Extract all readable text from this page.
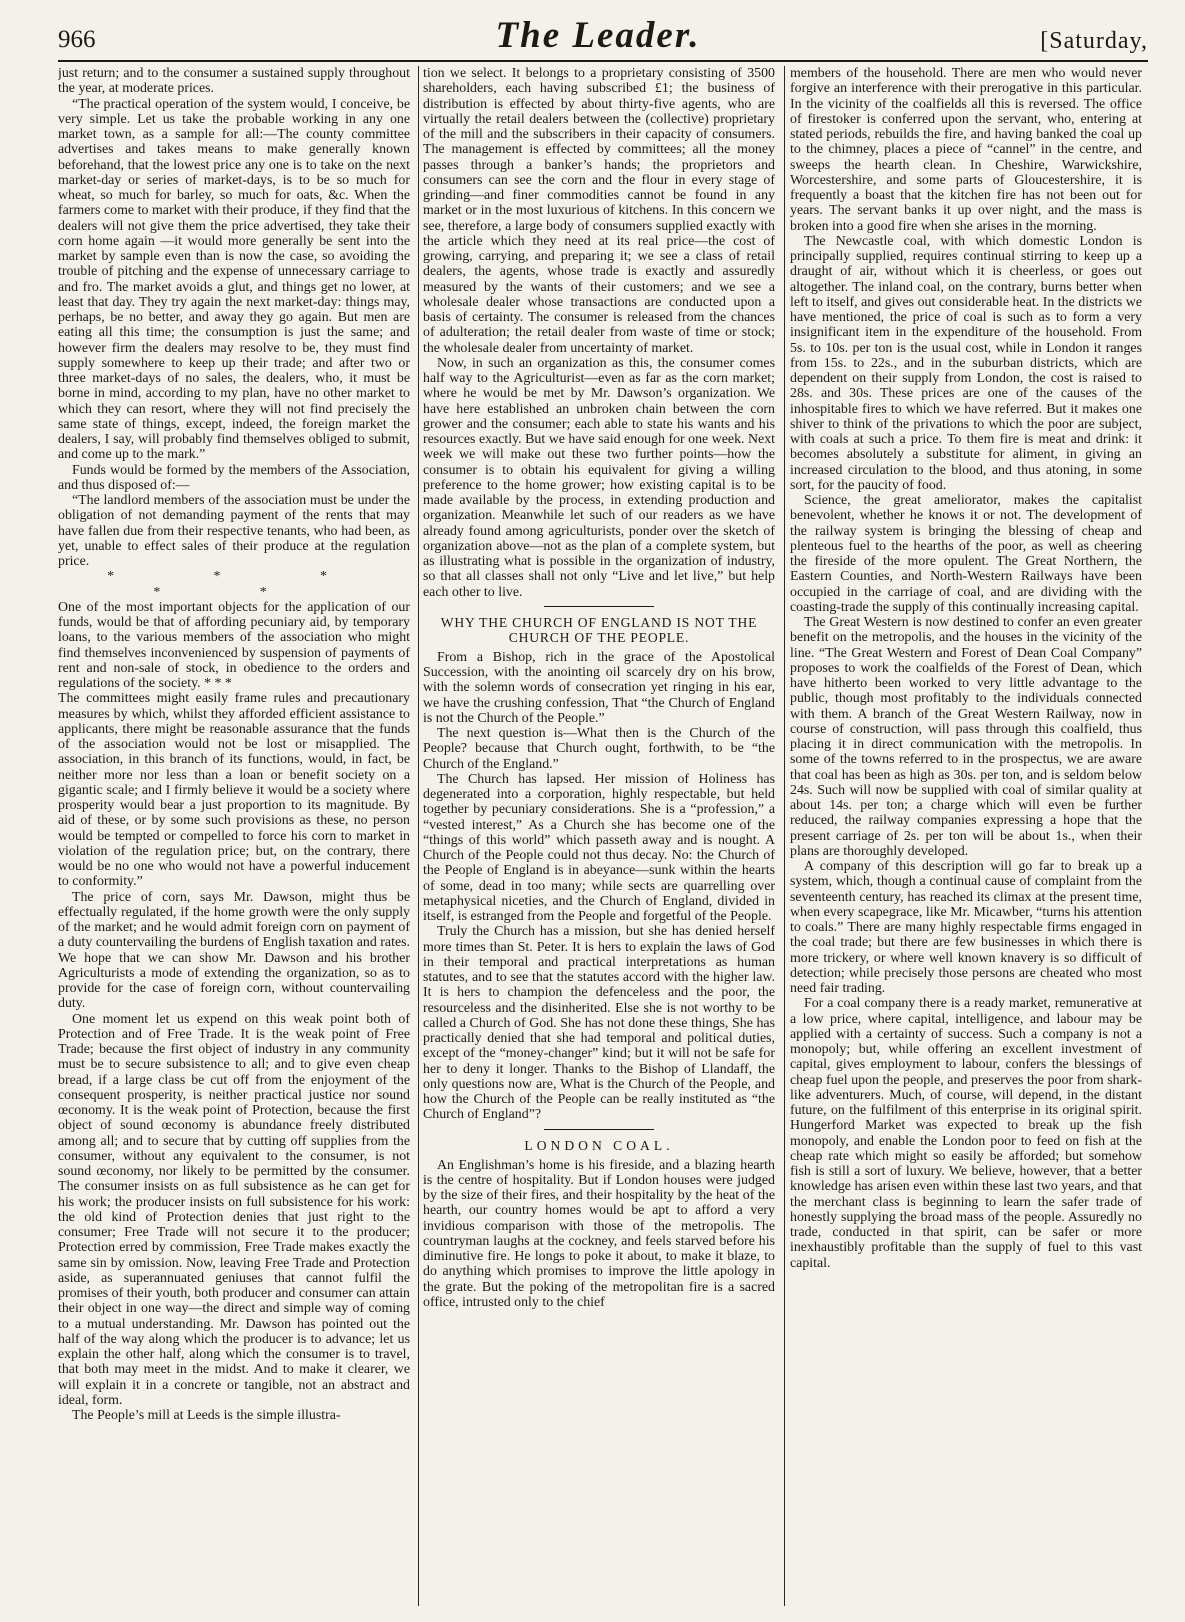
966	The Leader.	[Saturday,

just return; and to the consumer a sustained supply throughout the year, at moderate prices.

“The practical operation of the system would, I conceive, be very simple. Let us take the probable working in any one market town, as a sample for all:—The county committee advertises and takes means to make generally known beforehand, that the lowest price any one is to take on the next market-day or series of market-days, is to be so much for wheat, so much for barley, so much for oats, &c. When the farmers come to market with their produce, if they find that the dealers will not give them the price advertised, they take their corn home again —it would more generally be sent into the market by sample even than is now the case, so avoiding the trouble of pitching and the expense of unnecessary carriage to and fro. The market avoids a glut, and things get no lower, at least that day. They try again the next market-day: things may, perhaps, be no better, and away they go again. But men are eating all this time; the consumption is just the same; and however firm the dealers may resolve to be, they must find supply somewhere to keep up their trade; and after two or three market-days of no sales, the dealers, who, it must be borne in mind, according to my plan, have no other market to which they can resort, where they will not find precisely the same state of things, except, indeed, the foreign market the dealers, I say, will probably find themselves obliged to submit, and come up to the mark.”

Funds would be formed by the members of the Association, and thus disposed of:—

“The landlord members of the association must be under the obligation of not demanding payment of the rents that may have fallen due from their respective tenants, who had been, as yet, unable to effect sales of their produce at the regulation price.

* * * * *

One of the most important objects for the application of our funds, would be that of affording pecuniary aid, by temporary loans, to the various members of the association who might find themselves inconvenienced by suspension of payments of rent and non-sale of stock, in obedience to the orders and regulations of the society. * * *

The committees might easily frame rules and precautionary measures by which, whilst they afforded efficient assistance to applicants, there might be reasonable assurance that the funds of the association would not be lost or misapplied. The association, in this branch of its functions, would, in fact, be neither more nor less than a loan or benefit society on a gigantic scale; and I firmly believe it would be a society where prosperity would bear a just proportion to its magnitude. By aid of these, or by some such provisions as these, no person would be tempted or compelled to force his corn to market in violation of the regulation price; but, on the contrary, there would be no one who would not have a powerful inducement to conformity.”

The price of corn, says Mr. Dawson, might thus be effectually regulated, if the home growth were the only supply of the market; and he would admit foreign corn on payment of a duty countervailing the burdens of English taxation and rates. We hope that we can show Mr. Dawson and his brother Agriculturists a mode of extending the organization, so as to provide for the case of foreign corn, without countervailing duty.

One moment let us expend on this weak point both of Protection and of Free Trade. It is the weak point of Free Trade; because the first object of industry in any community must be to secure subsistence to all; and to give even cheap bread, if a large class be cut off from the enjoyment of the consequent prosperity, is neither practical justice nor sound œconomy. It is the weak point of Protection, because the first object of sound œconomy is abundance freely distributed among all; and to secure that by cutting off supplies from the consumer, without any equivalent to the consumer, is not sound œconomy, nor likely to be permitted by the consumer. The consumer insists on as full subsistence as he can get for his work; the producer insists on full subsistence for his work: the old kind of Protection denies that just right to the consumer; Free Trade will not secure it to the producer; Protection erred by commission, Free Trade makes exactly the same sin by omission. Now, leaving Free Trade and Protection aside, as superannuated geniuses that cannot fulfil the promises of their youth, both producer and consumer can attain their object in one way—the direct and simple way of coming to a mutual understanding. Mr. Dawson has pointed out the half of the way along which the producer is to advance; let us explain the other half, along which the consumer is to travel, that both may meet in the midst. And to make it clearer, we will explain it in a concrete or tangible, not an abstract and ideal, form.

The People’s mill at Leeds is the simple illustra-

tion we select. It belongs to a proprietary consisting of 3500 shareholders, each having subscribed £1; the business of distribution is effected by about thirty-five agents, who are virtually the retail dealers between the (collective) proprietary of the mill and the subscribers in their capacity of consumers. The management is effected by committees; all the money passes through a banker’s hands; the proprietors and consumers can see the corn and the flour in every stage of grinding—and finer commodities cannot be found in any market or in the most luxurious of kitchens. In this concern we see, therefore, a large body of consumers supplied exactly with the article which they need at its real price—the cost of growing, carrying, and preparing it; we see a class of retail dealers, the agents, whose trade is exactly and assuredly measured by the wants of their customers; and we see a wholesale dealer whose transactions are conducted upon a basis of certainty. The consumer is released from the chances of adulteration; the retail dealer from waste of time or stock; the wholesale dealer from uncertainty of market.

Now, in such an organization as this, the consumer comes half way to the Agriculturist—even as far as the corn market; where he would be met by Mr. Dawson’s organization. We have here established an unbroken chain between the corn grower and the consumer; each able to state his wants and his resources exactly. But we have said enough for one week. Next week we will make out these two further points—how the consumer is to obtain his equivalent for giving a willing preference to the home grower; how existing capital is to be made available by the process, in extending production and organization. Meanwhile let such of our readers as we have already found among agriculturists, ponder over the sketch of organization above—not as the plan of a complete system, but as illustrating what is possible in the organization of industry, so that all classes shall not only “Live and let live,” but help each other to live.

WHY THE CHURCH OF ENGLAND IS NOT THE CHURCH OF THE PEOPLE.

From a Bishop, rich in the grace of the Apostolical Succession, with the anointing oil scarcely dry on his brow, with the solemn words of consecration yet ringing in his ear, we have the crushing confession, That “the Church of England is not the Church of the People.”

The next question is—What then is the Church of the People? because that Church ought, forthwith, to be “the Church of the England.”

The Church has lapsed. Her mission of Holiness has degenerated into a corporation, highly respectable, but held together by pecuniary considerations. She is a “profession,” a “vested interest,” As a Church she has become one of the “things of this world” which passeth away and is nought. A Church of the People could not thus decay. No: the Church of the People of England is in abeyance—sunk within the hearts of some, dead in too many; while sects are quarrelling over metaphysical niceties, and the Church of England, divided in itself, is estranged from the People and forgetful of the People.

Truly the Church has a mission, but she has denied herself more times than St. Peter. It is hers to explain the laws of God in their temporal and practical interpretations as human statutes, and to see that the statutes accord with the higher law. It is hers to champion the defenceless and the poor, the resourceless and the disinherited. Else she is not worthy to be called a Church of God. She has not done these things, She has practically denied that she had temporal and political duties, except of the “money-changer” kind; but it will not be safe for her to deny it longer. Thanks to the Bishop of Llandaff, the only questions now are, What is the Church of the People, and how the Church of the People can be really instituted as “the Church of England”?

LONDON COAL.

An Englishman’s home is his fireside, and a blazing hearth is the centre of hospitality. But if London houses were judged by the size of their fires, and their hospitality by the heat of the hearth, our country homes would be apt to afford a very invidious comparison with those of the metropolis. The countryman laughs at the cockney, and feels starved before his diminutive fire. He longs to poke it about, to make it blaze, to do anything which promises to improve the little apology in the grate. But the poking of the metropolitan fire is a sacred office, intrusted only to the chief

members of the household. There are men who would never forgive an interference with their prerogative in this particular. In the vicinity of the coalfields all this is reversed. The office of firestoker is conferred upon the servant, who, entering at stated periods, rebuilds the fire, and having banked the coal up to the chimney, places a piece of “cannel” in the centre, and sweeps the hearth clean. In Cheshire, Warwickshire, Worcestershire, and some parts of Gloucestershire, it is frequently a boast that the kitchen fire has not been out for years. The servant banks it up over night, and the mass is broken into a good fire when she arises in the morning.

The Newcastle coal, with which domestic London is principally supplied, requires continual stirring to keep up a draught of air, without which it is cheerless, or goes out altogether. The inland coal, on the contrary, burns better when left to itself, and gives out considerable heat. In the districts we have mentioned, the price of coal is such as to form a very insignificant item in the expenditure of the household. From 5s. to 10s. per ton is the usual cost, while in London it ranges from 15s. to 22s., and in the suburban districts, which are dependent on their supply from London, the cost is raised to 28s. and 30s. These prices are one of the causes of the inhospitable fires to which we have referred. But it makes one shiver to think of the privations to which the poor are subject, with coals at such a price. To them fire is meat and drink: it becomes absolutely a substitute for aliment, in giving an increased circulation to the blood, and thus atoning, in some sort, for the paucity of food.

Science, the great ameliorator, makes the capitalist benevolent, whether he knows it or not. The development of the railway system is bringing the blessing of cheap and plenteous fuel to the hearths of the poor, as well as cheering the fireside of the more opulent. The Great Northern, the Eastern Counties, and North-Western Railways have been occupied in the carriage of coal, and are dividing with the coasting-trade the supply of this continually increasing capital.

The Great Western is now destined to confer an even greater benefit on the metropolis, and the houses in the vicinity of the line. “The Great Western and Forest of Dean Coal Company” proposes to work the coalfields of the Forest of Dean, which have hitherto been worked to very little advantage to the public, though most profitably to the individuals connected with them. A branch of the Great Western Railway, now in course of construction, will pass through this coalfield, thus placing it in direct communication with the metropolis. In some of the towns referred to in the prospectus, we are aware that coal has been as high as 30s. per ton, and is seldom below 24s. Such will now be supplied with coal of similar quality at about 14s. per ton; a charge which will even be further reduced, the railway companies expressing a hope that the present carriage of 2s. per ton will be about 1s., when their plans are thoroughly developed.

A company of this description will go far to break up a system, which, though a continual cause of complaint from the seventeenth century, has reached its climax at the present time, when every scapegrace, like Mr. Micawber, “turns his attention to coals.” There are many highly respectable firms engaged in the coal trade; but there are few businesses in which there is more trickery, or where well known knavery is so difficult of detection; while precisely those persons are cheated who most need fair trading.

For a coal company there is a ready market, remunerative at a low price, where capital, intelligence, and labour may be applied with a certainty of success. Such a company is not a monopoly; but, while offering an excellent investment of capital, gives employment to labour, confers the blessings of cheap fuel upon the people, and preserves the poor from shark-like adventurers. Much, of course, will depend, in the distant future, on the fulfilment of this enterprise in its original spirit. Hungerford Market was expected to break up the fish monopoly, and enable the London poor to feed on fish at the cheap rate which might so easily be afforded; but somehow fish is still a sort of luxury. We believe, however, that a better knowledge has arisen even within these last two years, and that the merchant class is beginning to learn the safer trade of honestly supplying the broad mass of the people. Assuredly no trade, conducted in that spirit, can be safer or more inexhaustibly profitable than the supply of fuel to this vast capital.
